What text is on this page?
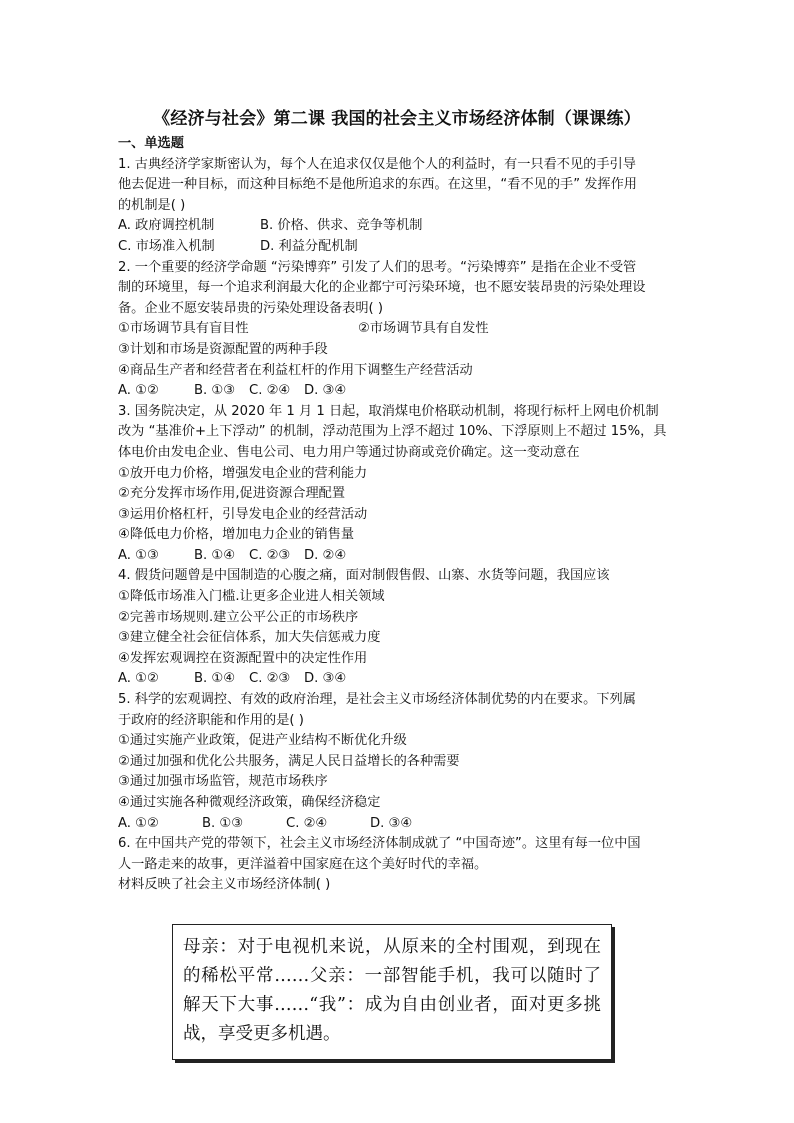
《经济与社会》第二课 我国的社会主义市场经济体制（课课练）
一、单选题
1. 古典经济学家斯密认为，每个人在追求仅仅是他个人的利益时，有一只看不见的手引导
他去促进一种目标，而这种目标绝不是他所追求的东西。在这里，“看不见的手” 发挥作用
的机制是( )
A. 政府调控机制	B. 价格、供求、竞争等机制
C. 市场准入机制	D. 利益分配机制
2. 一个重要的经济学命题 “污染博弈” 引发了人们的思考。“污染博弈” 是指在企业不受管
制的环境里，每一个追求利润最大化的企业都宁可污染环境，也不愿安装昂贵的污染处理设
备。企业不愿安装昂贵的污染处理设备表明( )
①市场调节具有盲目性	②市场调节具有自发性
③计划和市场是资源配置的两种手段
④商品生产者和经营者在利益杠杆的作用下调整生产经营活动
A. ①②	B. ①③	C. ②④	D. ③④
3. 国务院决定，从 2020 年 1 月 1 日起，取消煤电价格联动机制，将现行标杆上网电价机制
改为 “基准价+上下浮动” 的机制，浮动范围为上浮不超过 10%、下浮原则上不超过 15%，具
体电价由发电企业、售电公司、电力用户等通过协商或竞价确定。这一变动意在
①放开电力价格，增强发电企业的营利能力
②充分发挥市场作用,促进资源合理配置
③运用价格杠杆，引导发电企业的经营活动
④降低电力价格，增加电力企业的销售量
A. ①③	B. ①④	C. ②③	D. ②④
4. 假货问题曾是中国制造的心腹之痛，面对制假售假、山寨、水货等问题，我国应该
①降低市场准入门槛.让更多企业进人相关领域
②完善市场规则.建立公平公正的市场秩序
③建立健全社会征信体系，加大失信惩戒力度
④发挥宏观调控在资源配置中的决定性作用
A. ①②	B. ①④	C. ②③	D. ③④
5. 科学的宏观调控、有效的政府治理，是社会主义市场经济体制优势的内在要求。下列属
于政府的经济职能和作用的是( )
①通过实施产业政策，促进产业结构不断优化升级
②通过加强和优化公共服务，满足人民日益增长的各种需要
③通过加强市场监管，规范市场秩序
④通过实施各种微观经济政策，确保经济稳定
A. ①②	B. ①③	C. ②④	D. ③④
6. 在中国共产党的带领下，社会主义市场经济体制成就了 “中国奇迹”。这里有每一位中国
人一路走来的故事，更洋溢着中国家庭在这个美好时代的幸福。
材料反映了社会主义市场经济体制( )
母亲：对于电视机来说，从原来的全村围观，到现在的稀松平常……父亲：一部智能手机，我可以随时了解天下大事……“我”：成为自由创业者，面对更多挑战，享受更多机遇。
